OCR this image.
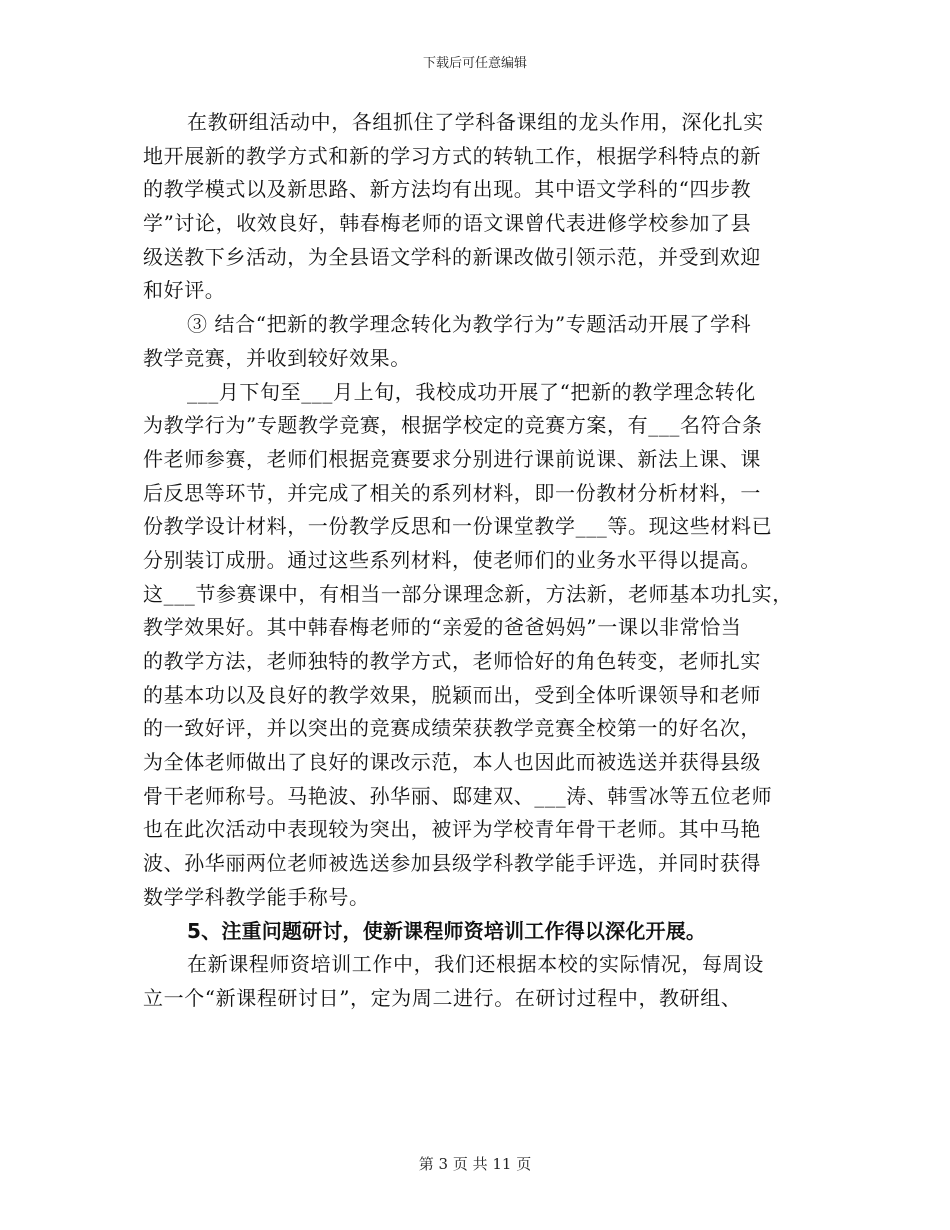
下载后可任意编辑
在教研组活动中，各组抓住了学科备课组的龙头作用，深化扎实
地开展新的教学方式和新的学习方式的转轨工作，根据学科特点的新
的教学模式以及新思路、新方法均有出现。其中语文学科的“四步教
学”讨论，收效良好，韩春梅老师的语文课曾代表进修学校参加了县
级送教下乡活动，为全县语文学科的新课改做引领示范，并受到欢迎
和好评。
③ 结合“把新的教学理念转化为教学行为”专题活动开展了学科
教学竞赛，并收到较好效果。
___月下旬至___月上旬，我校成功开展了“把新的教学理念转化
为教学行为”专题教学竞赛，根据学校定的竞赛方案，有___名符合条
件老师参赛，老师们根据竞赛要求分别进行课前说课、新法上课、课
后反思等环节，并完成了相关的系列材料，即一份教材分析材料，一
份教学设计材料，一份教学反思和一份课堂教学___等。现这些材料已
分别装订成册。通过这些系列材料，使老师们的业务水平得以提高。
这___节参赛课中，有相当一部分课理念新，方法新，老师基本功扎实，
教学效果好。其中韩春梅老师的“亲爱的爸爸妈妈”一课以非常恰当
的教学方法，老师独特的教学方式，老师恰好的角色转变，老师扎实
的基本功以及良好的教学效果，脱颖而出，受到全体听课领导和老师
的一致好评，并以突出的竞赛成绩荣获教学竞赛全校第一的好名次，
为全体老师做出了良好的课改示范，本人也因此而被选送并获得县级
骨干老师称号。马艳波、孙华丽、邸建双、___涛、韩雪冰等五位老师
也在此次活动中表现较为突出，被评为学校青年骨干老师。其中马艳
波、孙华丽两位老师被选送参加县级学科教学能手评选，并同时获得
数学学科教学能手称号。
5、注重问题研讨，使新课程师资培训工作得以深化开展。
在新课程师资培训工作中，我们还根据本校的实际情况，每周设
立一个“新课程研讨日”，定为周二进行。在研讨过程中，教研组、
第 3 页 共 11 页
